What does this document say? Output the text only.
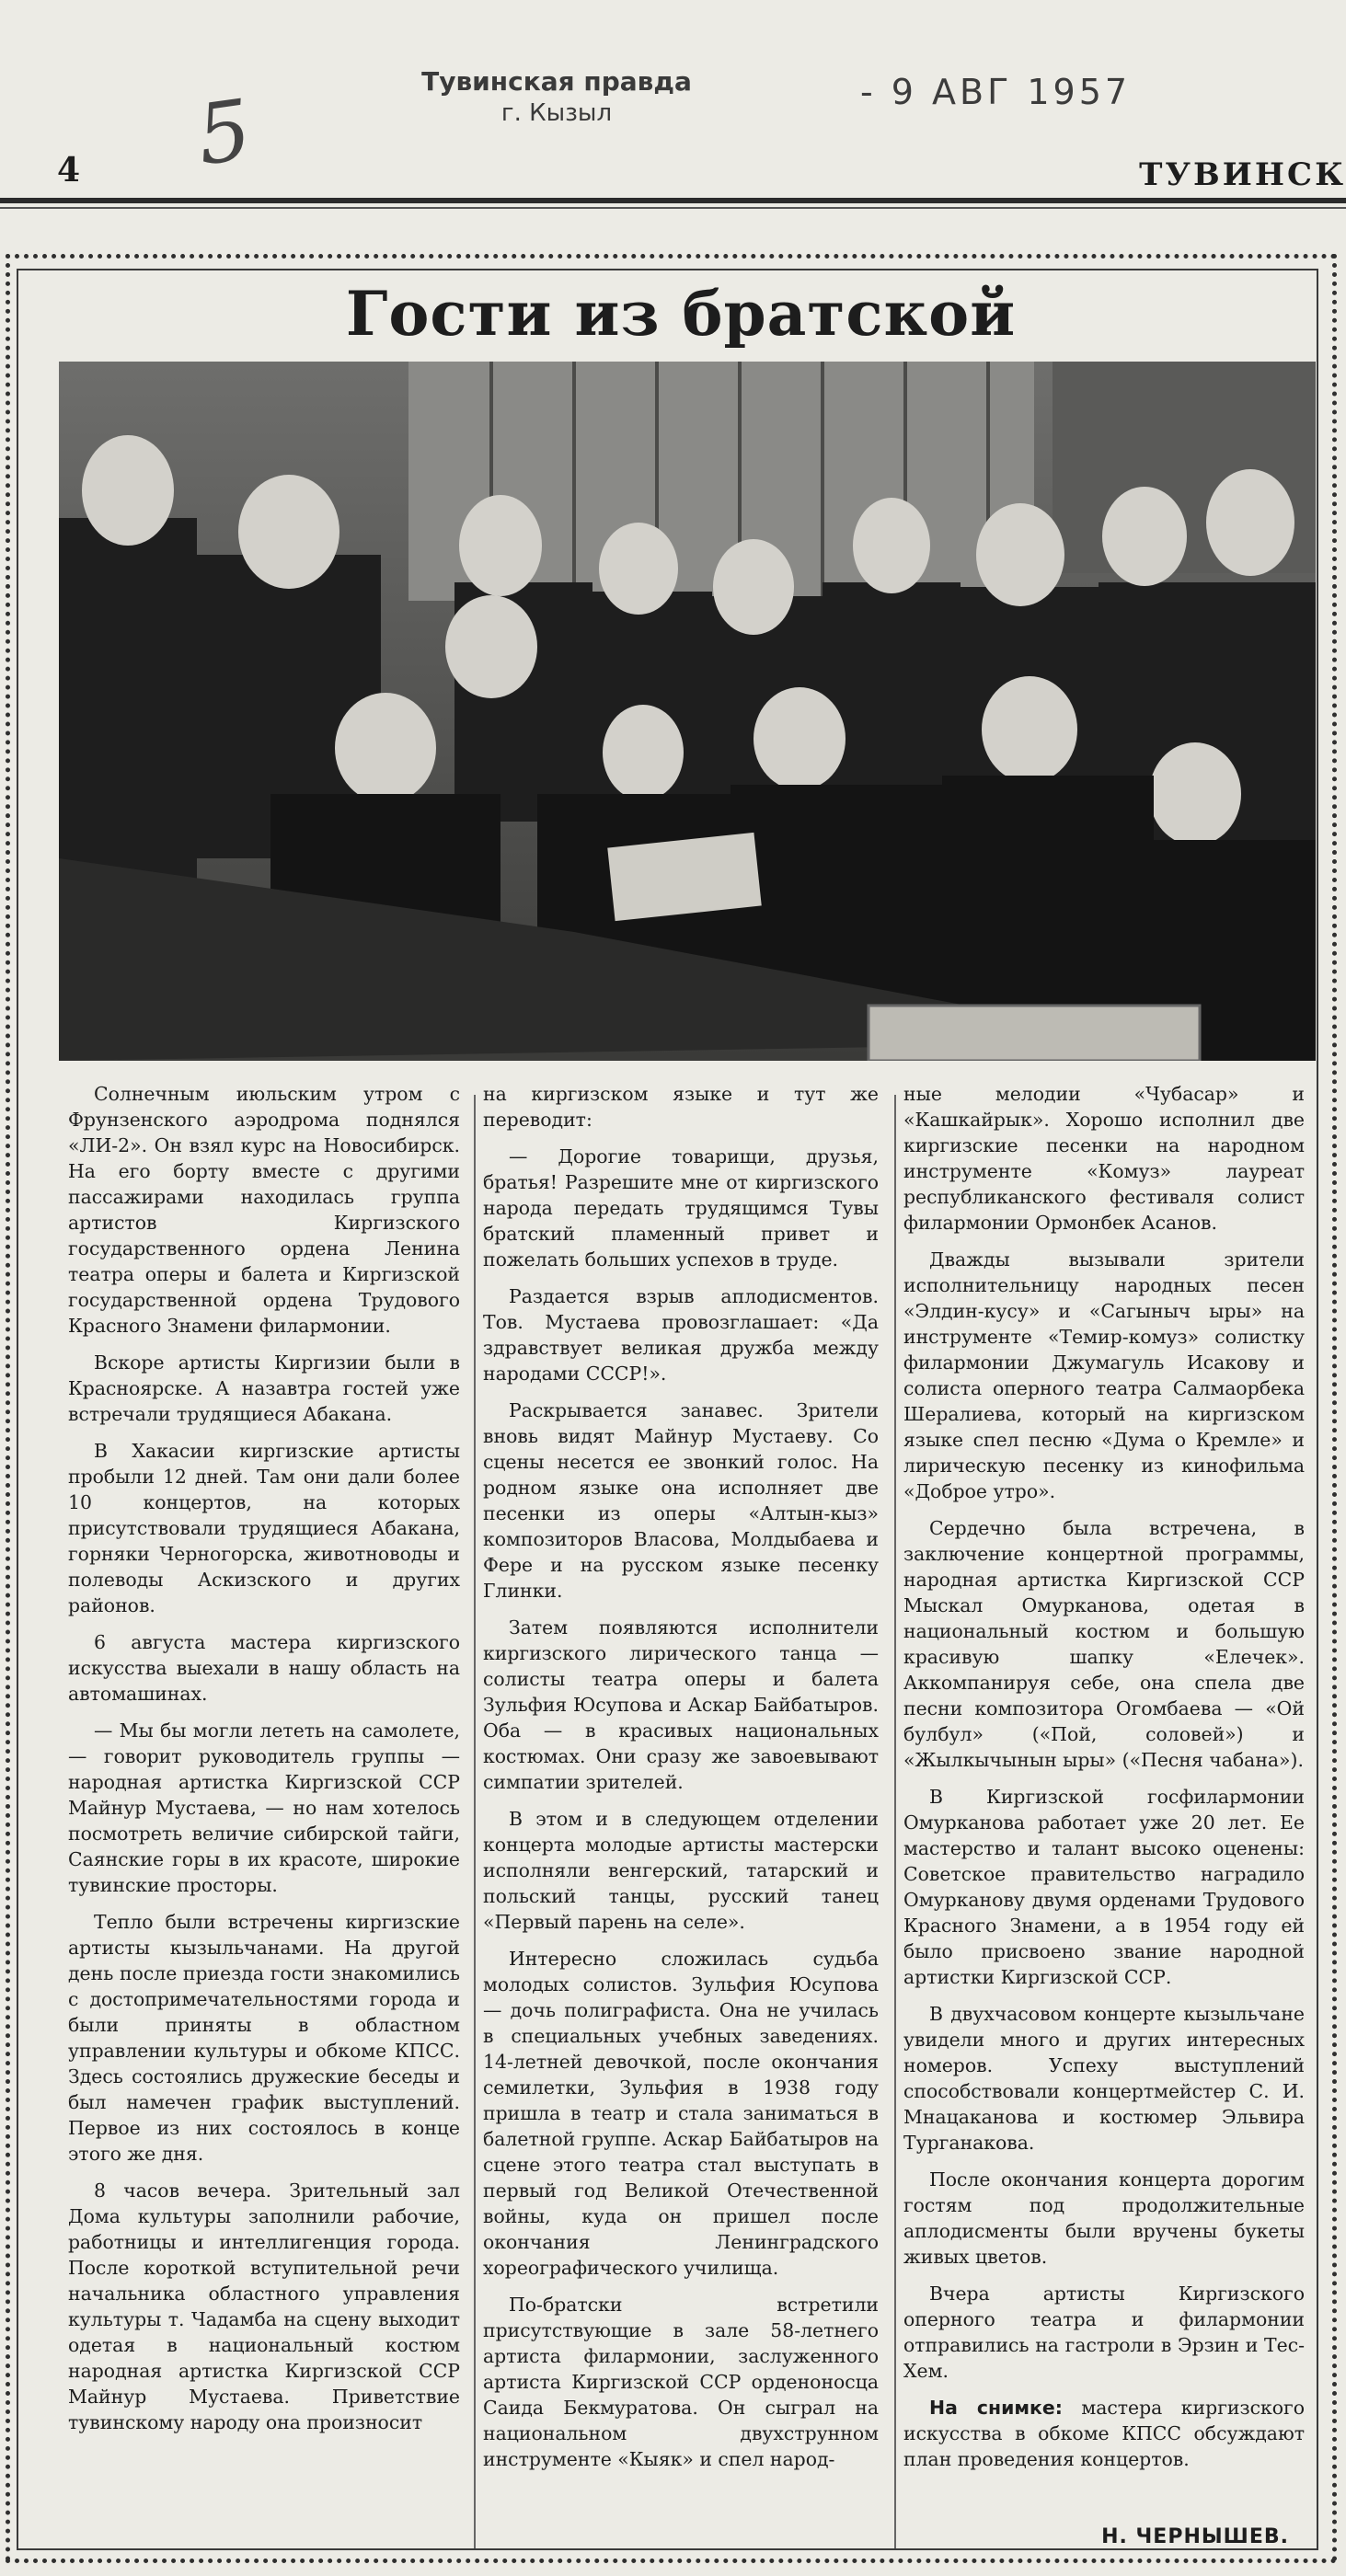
5
Тувинская правда
г. Кызыл
- 9 АВГ 1957
4	ТУВИНСК
Гости из братской

Солнечным июльским утром с Фрунзенского аэродрома поднялся «ЛИ-2». Он взял курс на Новосибирск. На его борту вместе с другими пассажирами находилась группа артистов Киргизского государственного ордена Ленина театра оперы и балета и Киргизской государственной ордена Трудового Красного Знамени филармонии.

Вскоре артисты Киргизии были в Красноярске. А назавтра гостей уже встречали трудящиеся Абакана.

В Хакасии киргизские артисты пробыли 12 дней. Там они дали более 10 концертов, на которых присутствовали трудящиеся Абакана, горняки Черногорска, животноводы и полеводы Аскизского и других районов.

6 августа мастера киргизского искусства выехали в нашу область на автомашинах.

— Мы бы могли лететь на самолете, — говорит руководитель группы — народная артистка Киргизской ССР Майнур Мустаева, — но нам хотелось посмотреть величие сибирской тайги, Саянские горы в их красоте, широкие тувинские просторы.

Тепло были встречены киргизские артисты кызыльчанами. На другой день после приезда гости знакомились с достопримечательностями города и были приняты в областном управлении культуры и обкоме КПСС. Здесь состоялись дружеские беседы и был намечен график выступлений. Первое из них состоялось в конце этого же дня.

8 часов вечера. Зрительный зал Дома культуры заполнили рабочие, работницы и интеллигенция города. После короткой вступительной речи начальника областного управления культуры т. Чадамба на сцену выходит одетая в национальный костюм народная артистка Киргизской ССР Майнур Мустаева. Приветствие тувинскому народу она произносит

на киргизском языке и тут же переводит:

— Дорогие товарищи, друзья, братья! Разрешите мне от киргизского народа передать трудящимся Тувы братский пламенный привет и пожелать больших успехов в труде.

Раздается взрыв аплодисментов. Тов. Мустаева провозглашает: «Да здравствует великая дружба между народами СССР!».

Раскрывается занавес. Зрители вновь видят Майнур Мустаеву. Со сцены несется ее звонкий голос. На родном языке она исполняет две песенки из оперы «Алтын-кыз» композиторов Власова, Молдыбаева и Фере и на русском языке песенку Глинки.

Затем появляются исполнители киргизского лирического танца — солисты театра оперы и балета Зульфия Юсупова и Аскар Байбатыров. Оба — в красивых национальных костюмах. Они сразу же завоевывают симпатии зрителей.

В этом и в следующем отделении концерта молодые артисты мастерски исполняли венгерский, татарский и польский танцы, русский танец «Первый парень на селе».

Интересно сложилась судьба молодых солистов. Зульфия Юсупова — дочь полиграфиста. Она не училась в специальных учебных заведениях. 14-летней девочкой, после окончания семилетки, Зульфия в 1938 году пришла в театр и стала заниматься в балетной группе. Аскар Байбатыров на сцене этого театра стал выступать в первый год Великой Отечественной войны, куда он пришел после окончания Ленинградского хореографического училища.

По-братски встретили присутствующие в зале 58-летнего артиста филармонии, заслуженного артиста Киргизской ССР орденоносца Саида Бекмуратова. Он сыграл на национальном двухструнном инструменте «Кыяк» и спел народ-

ные мелодии «Чубасар» и «Кашкайрык». Хорошо исполнил две киргизские песенки на народном инструменте «Комуз» лауреат республиканского фестиваля солист филармонии Ормонбек Асанов.

Дважды вызывали зрители исполнительницу народных песен «Элдин-кусу» и «Сагыныч ыры» на инструменте «Темир-комуз» солистку филармонии Джумагуль Исакову и солиста оперного театра Салмаорбека Шералиева, который на киргизском языке спел песню «Дума о Кремле» и лирическую песенку из кинофильма «Доброе утро».

Сердечно была встречена, в заключение концертной программы, народная артистка Киргизской ССР Мыскал Омурканова, одетая в национальный костюм и большую красивую шапку «Елечек». Аккомпанируя себе, она спела две песни композитора Огомбаева — «Ой булбул» («Пой, соловей») и «Жылкычынын ыры» («Песня чабана»).

В Киргизской госфилармонии Омурканова работает уже 20 лет. Ее мастерство и талант высоко оценены: Советское правительство наградило Омурканову двумя орденами Трудового Красного Знамени, а в 1954 году ей было присвоено звание народной артистки Киргизской ССР.

В двухчасовом концерте кызыльчане увидели много и других интересных номеров. Успеху выступлений способствовали концертмейстер С. И. Мнацаканова и костюмер Эльвира Турганакова.

После окончания концерта дорогим гостям под продолжительные аплодисменты были вручены букеты живых цветов.

Вчера артисты Киргизского оперного театра и филармонии отправились на гастроли в Эрзин и Тес-Хем.

На снимке: мастера киргизского искусства в обкоме КПСС обсуждают план проведения концертов.

Н. ЧЕРНЫШЕВ.
